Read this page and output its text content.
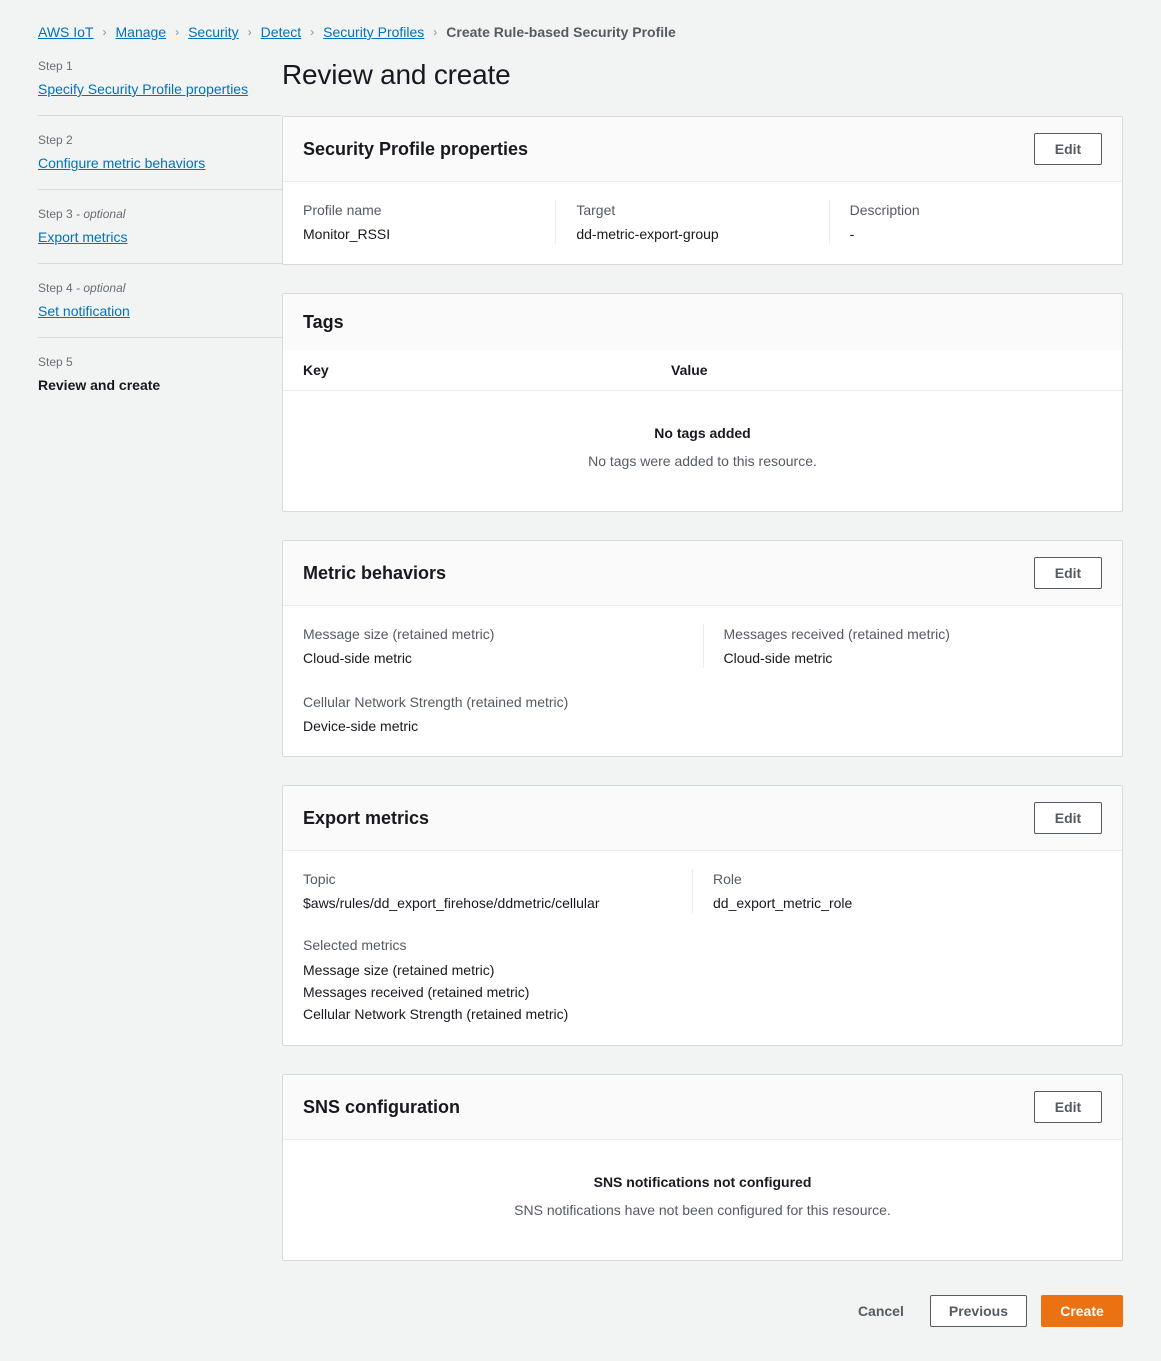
AWS IoT › Manage › Security › Detect › Security Profiles › Create Rule-based Security Profile
Step 1
Specify Security Profile properties
Step 2
Configure metric behaviors
Step 3 - optional
Export metrics
Step 4 - optional
Set notification
Step 5
Review and create
Review and create
Security Profile properties	Edit
Profile name
Monitor_RSSI
Target
dd-metric-export-group
Description
-
Tags
Key	Value
No tags added
No tags were added to this resource.
Metric behaviors	Edit
Message size (retained metric)
Cloud-side metric
Messages received (retained metric)
Cloud-side metric
Cellular Network Strength (retained metric)
Device-side metric
Export metrics	Edit
Topic
$aws/rules/dd_export_firehose/ddmetric/cellular
Role
dd_export_metric_role
Selected metrics
Message size (retained metric)
Messages received (retained metric)
Cellular Network Strength (retained metric)
SNS configuration	Edit
SNS notifications not configured
SNS notifications have not been configured for this resource.
Cancel	Previous	Create
